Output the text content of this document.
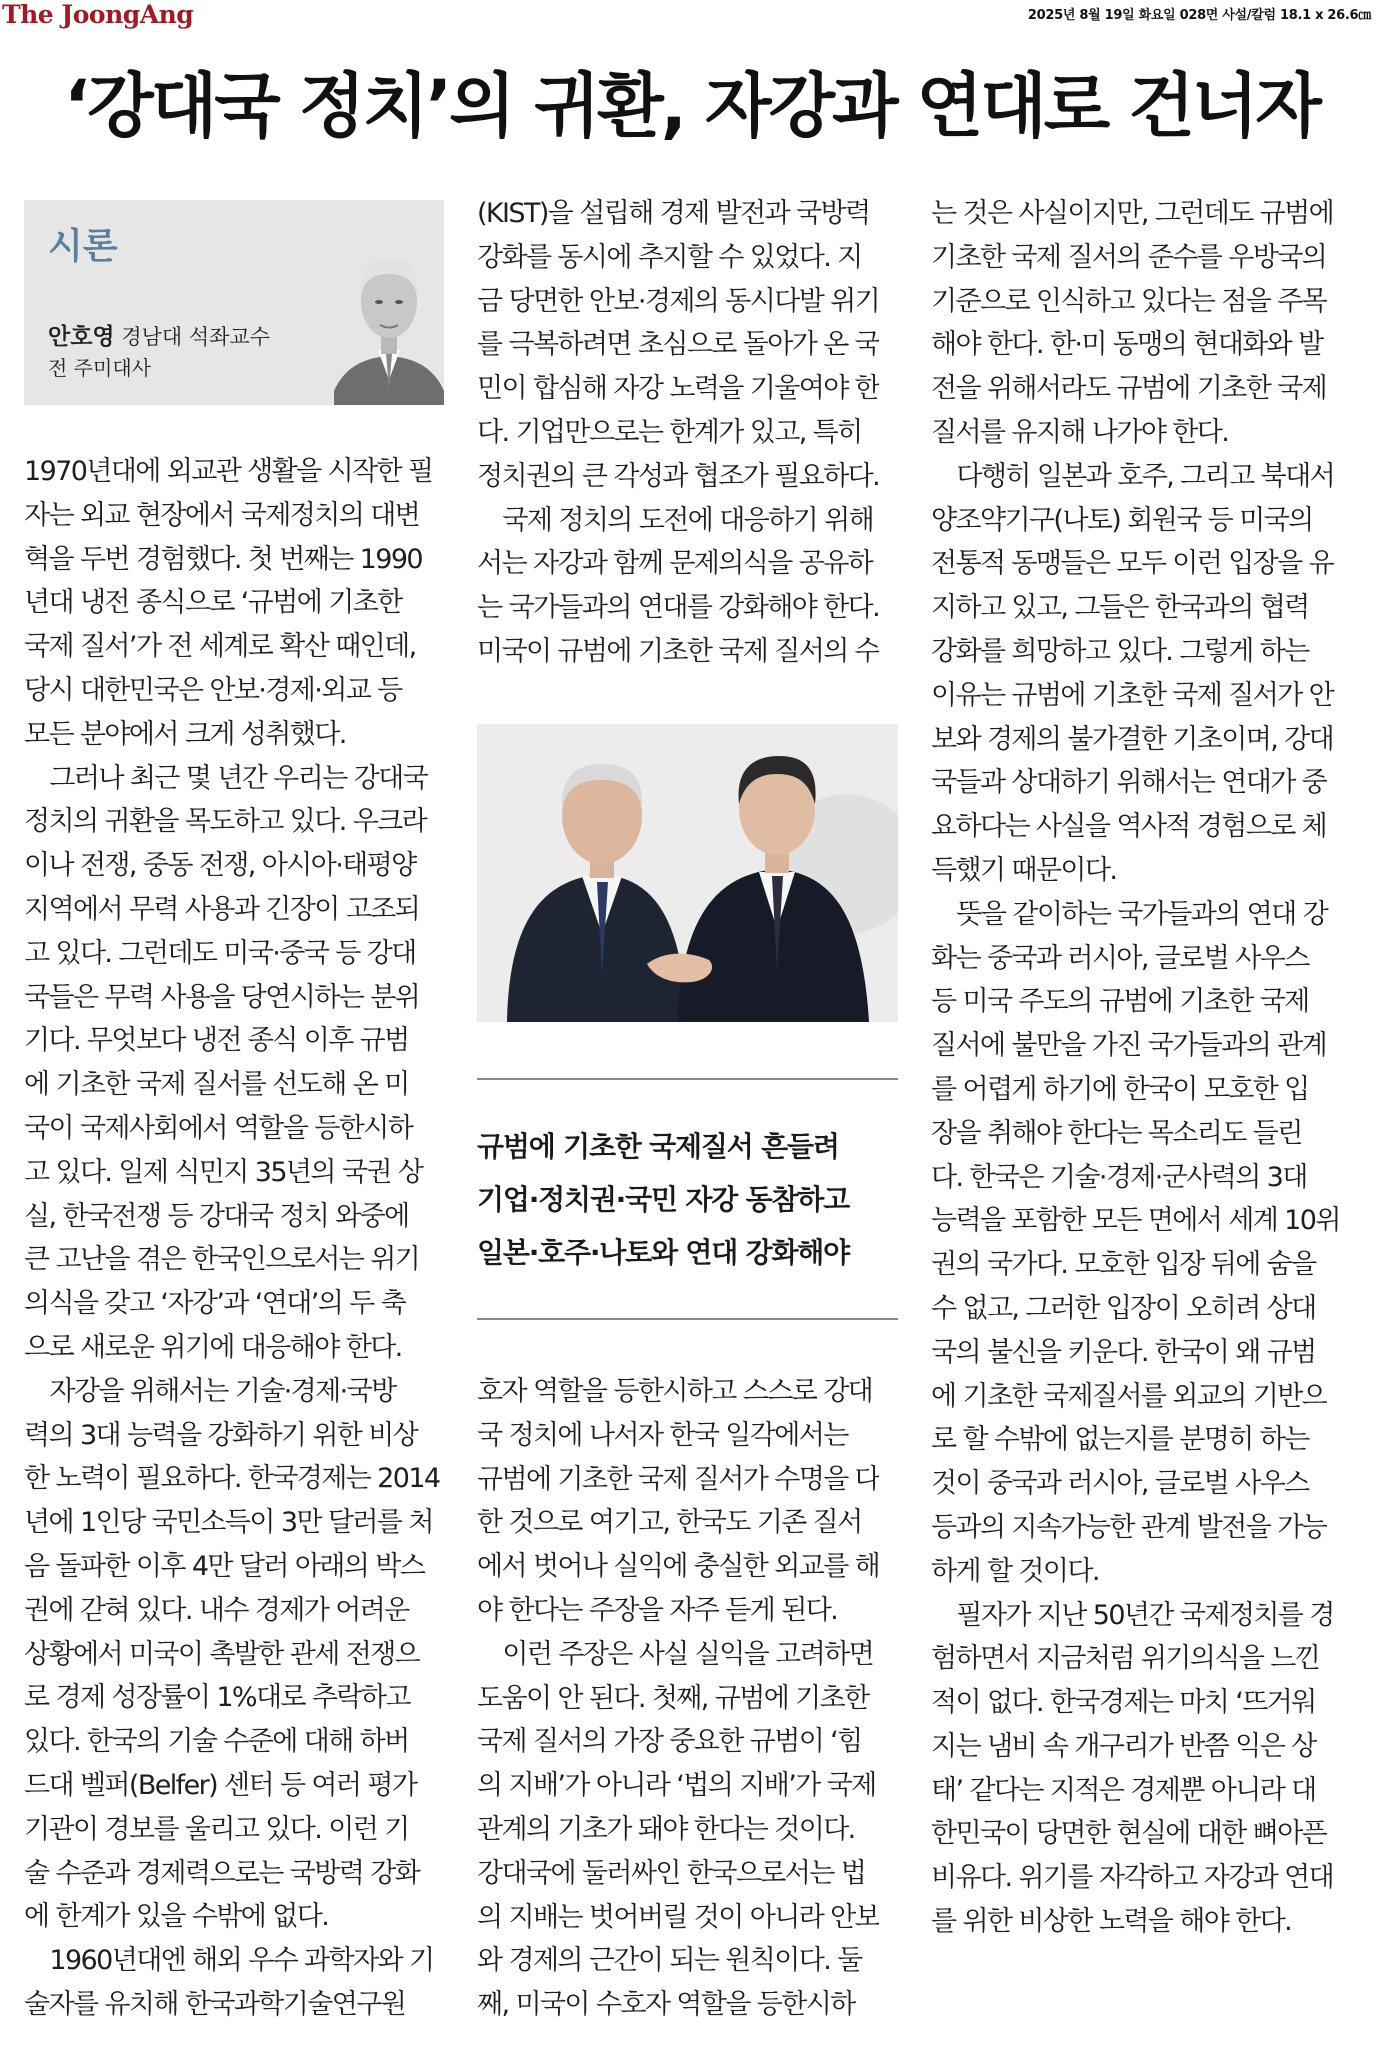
The JoongAng	2025년 8월 19일 화요일 028면 사설/칼럼 18.1 x 26.6㎝
‘강대국 정치’의 귀환, 자강과 연대로 건너자
시론
안호영 경남대 석좌교수
전 주미대사
1970년대에 외교관 생활을 시작한 필
자는 외교 현장에서 국제정치의 대변
혁을 두번 경험했다. 첫 번째는 1990
년대 냉전 종식으로 ‘규범에 기초한
국제 질서’가 전 세계로 확산 때인데,
당시 대한민국은 안보·경제·외교 등
모든 분야에서 크게 성취했다.
　그러나 최근 몇 년간 우리는 강대국
정치의 귀환을 목도하고 있다. 우크라
이나 전쟁, 중동 전쟁, 아시아·태평양
지역에서 무력 사용과 긴장이 고조되
고 있다. 그런데도 미국·중국 등 강대
국들은 무력 사용을 당연시하는 분위
기다. 무엇보다 냉전 종식 이후 규범
에 기초한 국제 질서를 선도해 온 미
국이 국제사회에서 역할을 등한시하
고 있다. 일제 식민지 35년의 국권 상
실, 한국전쟁 등 강대국 정치 와중에
큰 고난을 겪은 한국인으로서는 위기
의식을 갖고 ‘자강’과 ‘연대’의 두 축
으로 새로운 위기에 대응해야 한다.
　자강을 위해서는 기술·경제·국방
력의 3대 능력을 강화하기 위한 비상
한 노력이 필요하다. 한국경제는 2014
년에 1인당 국민소득이 3만 달러를 처
음 돌파한 이후 4만 달러 아래의 박스
권에 갇혀 있다. 내수 경제가 어려운
상황에서 미국이 촉발한 관세 전쟁으
로 경제 성장률이 1%대로 추락하고
있다. 한국의 기술 수준에 대해 하버
드대 벨퍼(Belfer) 센터 등 여러 평가
기관이 경보를 울리고 있다. 이런 기
술 수준과 경제력으로는 국방력 강화
에 한계가 있을 수밖에 없다.
　1960년대엔 해외 우수 과학자와 기
술자를 유치해 한국과학기술연구원
(KIST)을 설립해 경제 발전과 국방력
강화를 동시에 추지할 수 있었다. 지
금 당면한 안보·경제의 동시다발 위기
를 극복하려면 초심으로 돌아가 온 국
민이 합심해 자강 노력을 기울여야 한
다. 기업만으로는 한계가 있고, 특히
정치권의 큰 각성과 협조가 필요하다.
　국제 정치의 도전에 대응하기 위해
서는 자강과 함께 문제의식을 공유하
는 국가들과의 연대를 강화해야 한다.
미국이 규범에 기초한 국제 질서의 수
호자 역할을 등한시하고 스스로 강대
국 정치에 나서자 한국 일각에서는
규범에 기초한 국제 질서가 수명을 다
한 것으로 여기고, 한국도 기존 질서
에서 벗어나 실익에 충실한 외교를 해
야 한다는 주장을 자주 듣게 된다.
　이런 주장은 사실 실익을 고려하면
도움이 안 된다. 첫째, 규범에 기초한
국제 질서의 가장 중요한 규범이 ‘힘
의 지배’가 아니라 ‘법의 지배’가 국제
관계의 기초가 돼야 한다는 것이다.
강대국에 둘러싸인 한국으로서는 법
의 지배는 벗어버릴 것이 아니라 안보
와 경제의 근간이 되는 원칙이다. 둘
째, 미국이 수호자 역할을 등한시하
는 것은 사실이지만, 그런데도 규범에
기초한 국제 질서의 준수를 우방국의
기준으로 인식하고 있다는 점을 주목
해야 한다. 한·미 동맹의 현대화와 발
전을 위해서라도 규범에 기초한 국제
질서를 유지해 나가야 한다.
　다행히 일본과 호주, 그리고 북대서
양조약기구(나토) 회원국 등 미국의
전통적 동맹들은 모두 이런 입장을 유
지하고 있고, 그들은 한국과의 협력
강화를 희망하고 있다. 그렇게 하는
이유는 규범에 기초한 국제 질서가 안
보와 경제의 불가결한 기초이며, 강대
국들과 상대하기 위해서는 연대가 중
요하다는 사실을 역사적 경험으로 체
득했기 때문이다.
　뜻을 같이하는 국가들과의 연대 강
화는 중국과 러시아, 글로벌 사우스
등 미국 주도의 규범에 기초한 국제
질서에 불만을 가진 국가들과의 관계
를 어렵게 하기에 한국이 모호한 입
장을 취해야 한다는 목소리도 들린
다. 한국은 기술·경제·군사력의 3대
능력을 포함한 모든 면에서 세계 10위
권의 국가다. 모호한 입장 뒤에 숨을
수 없고, 그러한 입장이 오히려 상대
국의 불신을 키운다. 한국이 왜 규범
에 기초한 국제질서를 외교의 기반으
로 할 수밖에 없는지를 분명히 하는
것이 중국과 러시아, 글로벌 사우스
등과의 지속가능한 관계 발전을 가능
하게 할 것이다.
　필자가 지난 50년간 국제정치를 경
험하면서 지금처럼 위기의식을 느낀
적이 없다. 한국경제는 마치 ‘뜨거워
지는 냄비 속 개구리가 반쯤 익은 상
태’ 같다는 지적은 경제뿐 아니라 대
한민국이 당면한 현실에 대한 뼈아픈
비유다. 위기를 자각하고 자강과 연대
를 위한 비상한 노력을 해야 한다.
규범에 기초한 국제질서 흔들려
기업·정치권·국민 자강 동참하고
일본·호주·나토와 연대 강화해야
